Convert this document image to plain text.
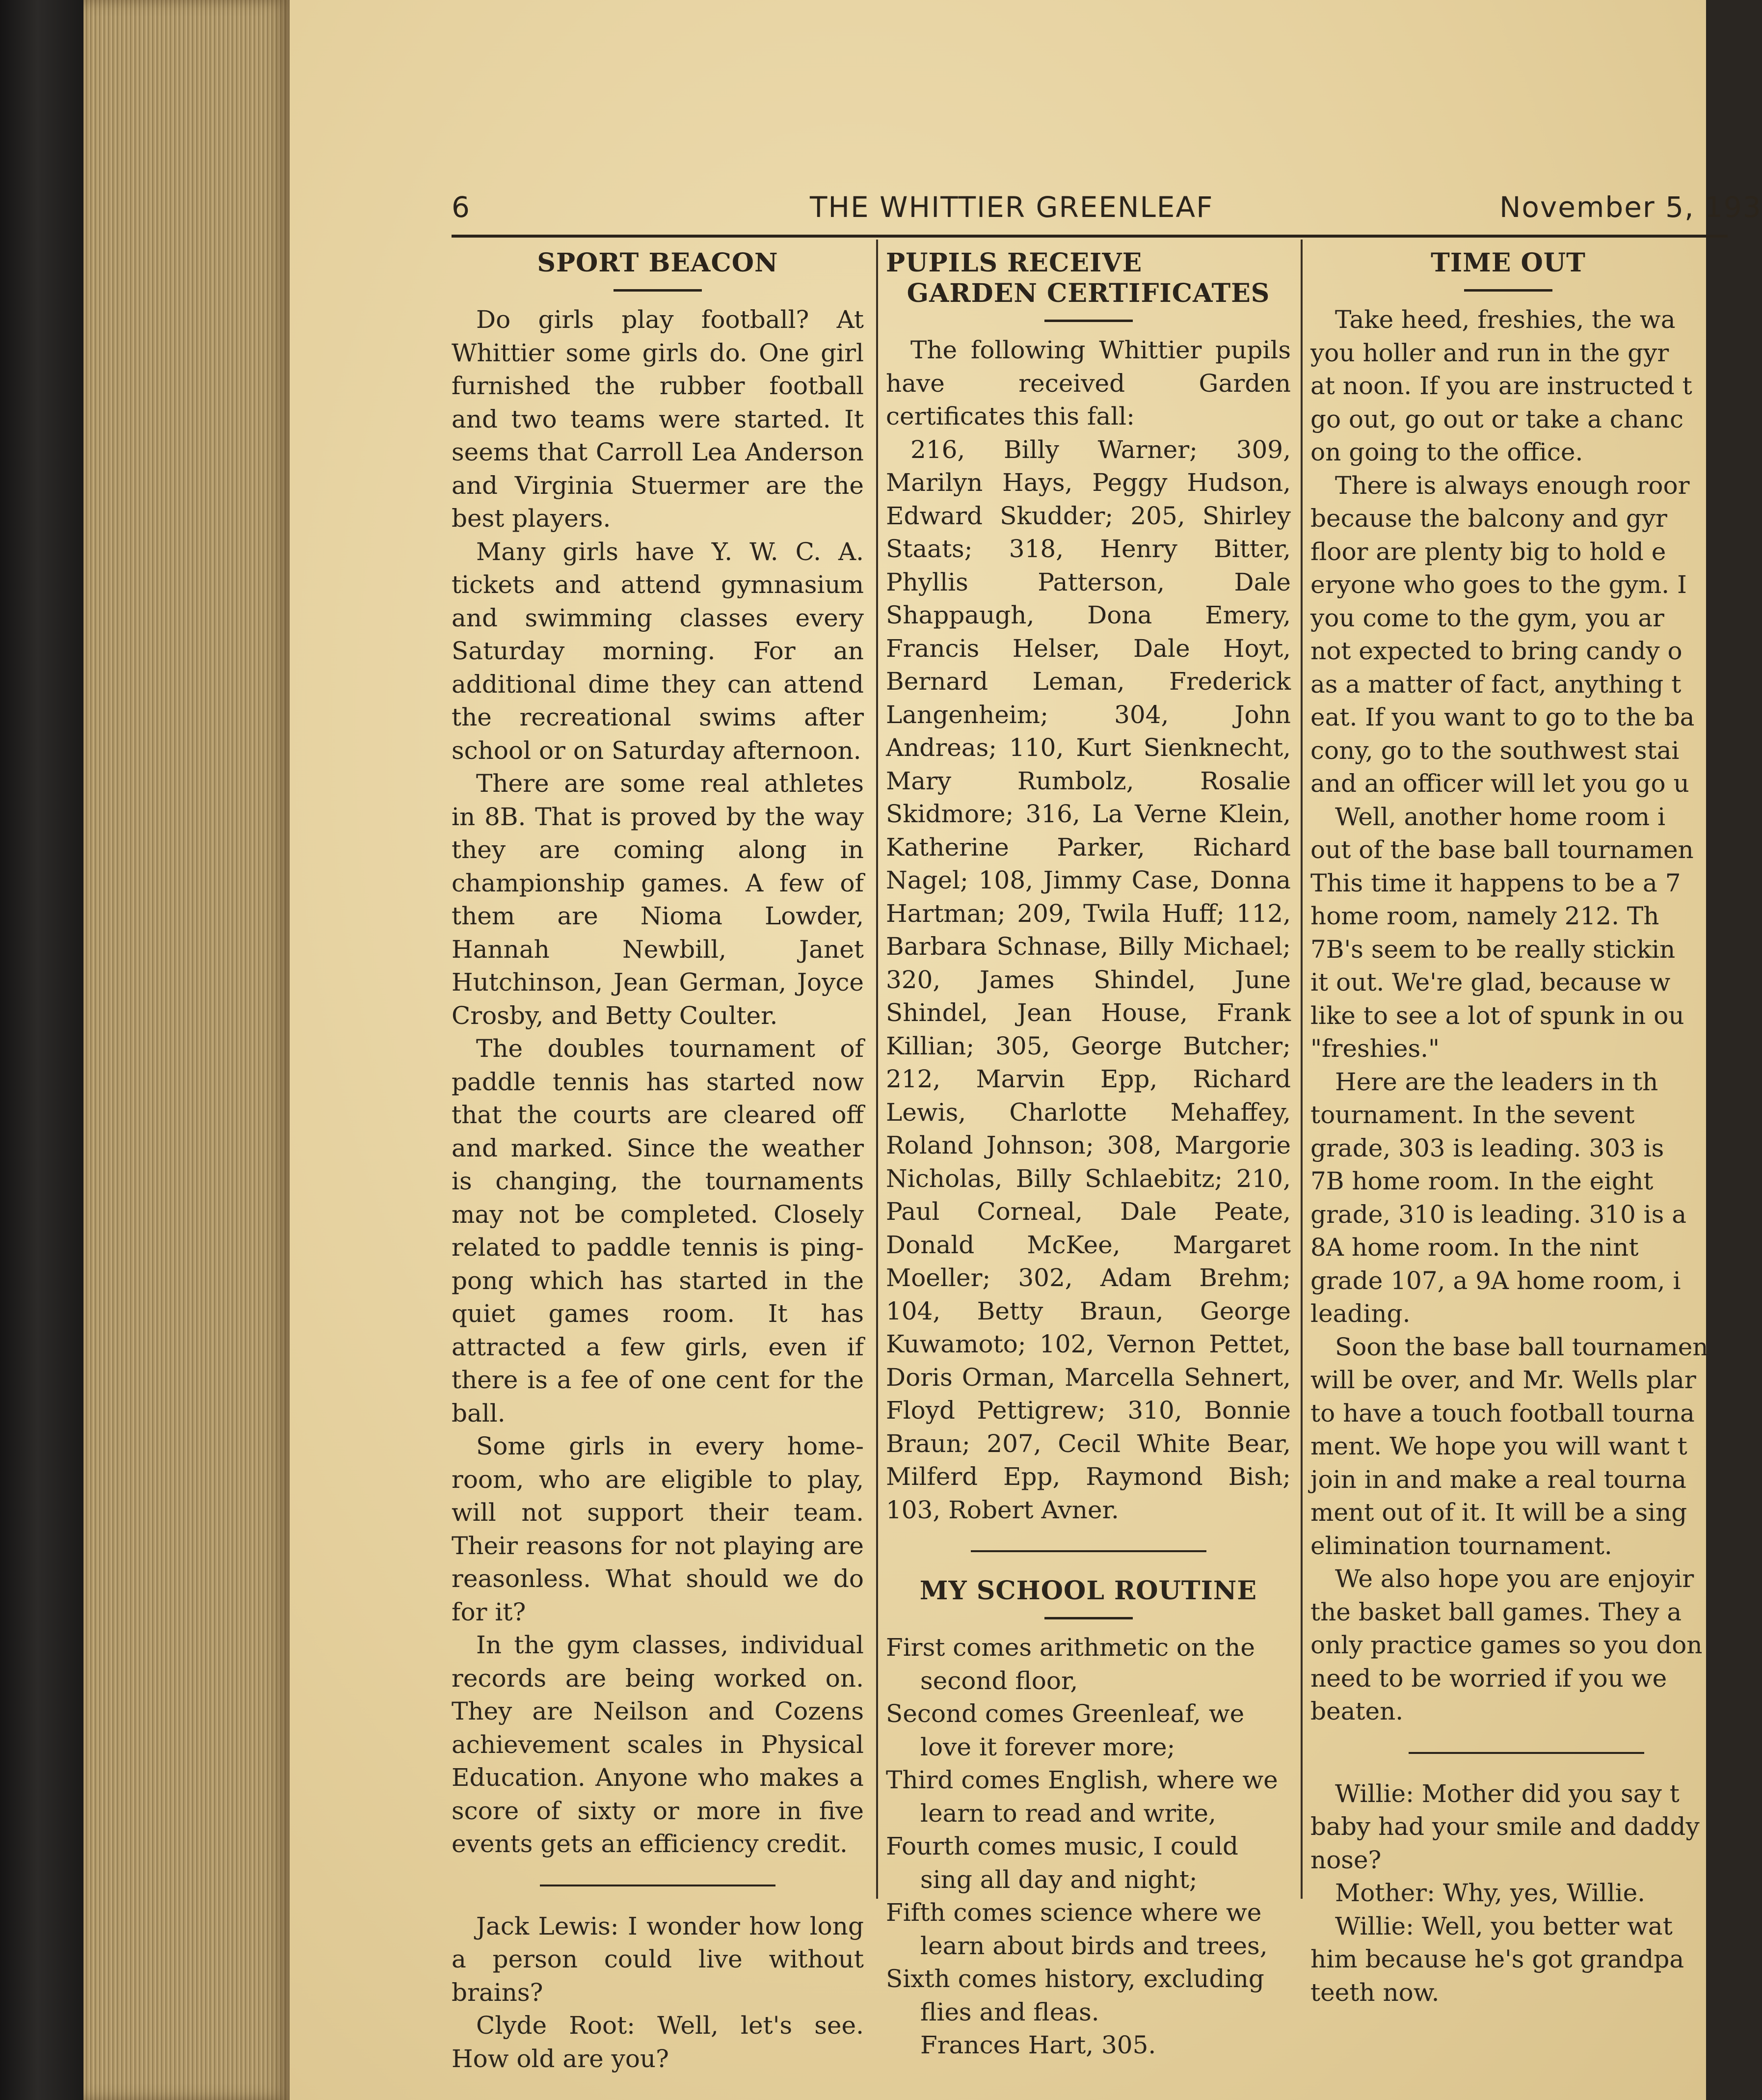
6	THE WHITTIER GREENLEAF	November 5, 193
SPORT BEACON

Do girls play football? At Whittier some girls do. One girl furnished the rubber football and two teams were started. It seems that Carroll Lea Anderson and Virginia Stuermer are the best players.

Many girls have Y. W. C. A. tickets and attend gymnasium and swimming classes every Saturday morning. For an additional dime they can attend the recreational swims after school or on Saturday afternoon.

There are some real athletes in 8B. That is proved by the way they are coming along in championship games. A few of them are Nioma Lowder, Hannah Newbill, Janet Hutchinson, Jean German, Joyce Crosby, and Betty Coulter.

The doubles tournament of paddle tennis has started now that the courts are cleared off and marked. Since the weather is changing, the tournaments may not be completed. Closely related to paddle tennis is ping-pong which has started in the quiet games room. It has attracted a few girls, even if there is a fee of one cent for the ball.

Some girls in every home-room, who are eligible to play, will not support their team. Their reasons for not playing are reasonless. What should we do for it?

In the gym classes, individual records are being worked on. They are Neilson and Cozens achievement scales in Physical Education. Anyone who makes a score of sixty or more in five events gets an efficiency credit.

Jack Lewis: I wonder how long a person could live without brains?

Clyde Root: Well, let's see. How old are you?

PUPILS RECEIVE
GARDEN CERTIFICATES

The following Whittier pupils have received Garden certificates this fall:

216, Billy Warner; 309, Marilyn Hays, Peggy Hudson, Edward Skudder; 205, Shirley Staats; 318, Henry Bitter, Phyllis Patterson, Dale Shappaugh, Dona Emery, Francis Helser, Dale Hoyt, Bernard Leman, Frederick Langenheim; 304, John Andreas; 110, Kurt Sienknecht, Mary Rumbolz, Rosalie Skidmore; 316, La Verne Klein, Katherine Parker, Richard Nagel; 108, Jimmy Case, Donna Hartman; 209, Twila Huff; 112, Barbara Schnase, Billy Michael; 320, James Shindel, June Shindel, Jean House, Frank Killian; 305, George Butcher; 212, Marvin Epp, Richard Lewis, Charlotte Mehaffey, Roland Johnson; 308, Margorie Nicholas, Billy Schlaebitz; 210, Paul Corneal, Dale Peate, Donald McKee, Margaret Moeller; 302, Adam Brehm; 104, Betty Braun, George Kuwamoto; 102, Vernon Pettet, Doris Orman, Marcella Sehnert, Floyd Pettigrew; 310, Bonnie Braun; 207, Cecil White Bear, Milferd Epp, Raymond Bish; 103, Robert Avner.

MY SCHOOL ROUTINE

First comes arithmetic on the second floor,

Second comes Greenleaf, we love it forever more;

Third comes English, where we learn to read and write,

Fourth comes music, I could sing all day and night;

Fifth comes science where we learn about birds and trees,

Sixth comes history, excluding flies and fleas.

Frances Hart, 305.

TIME OUT

Take heed, freshies, the wa

you holler and run in the gyr

at noon. If you are instructed t

go out, go out or take a chanc

on going to the office.

There is always enough roor

because the balcony and gyr

floor are plenty big to hold e

eryone who goes to the gym. I

you come to the gym, you ar

not expected to bring candy o

as a matter of fact, anything t

eat. If you want to go to the ba

cony, go to the southwest stai

and an officer will let you go u

Well, another home room i

out of the base ball tournamen

This time it happens to be a 7

home room, namely 212. Th

7B's seem to be really stickin

it out. We're glad, because w

like to see a lot of spunk in ou

"freshies."

Here are the leaders in th

tournament. In the sevent

grade, 303 is leading. 303 is

7B home room. In the eight

grade, 310 is leading. 310 is a

8A home room. In the nint

grade 107, a 9A home room, i

leading.

Soon the base ball tournamen

will be over, and Mr. Wells plar

to have a touch football tourna

ment. We hope you will want t

join in and make a real tourna

ment out of it. It will be a sing

elimination tournament.

We also hope you are enjoyir

the basket ball games. They a

only practice games so you don

need to be worried if you we

beaten.

Willie: Mother did you say t

baby had your smile and daddy

nose?

Mother: Why, yes, Willie.

Willie: Well, you better wat

him because he's got grandpa

teeth now.
